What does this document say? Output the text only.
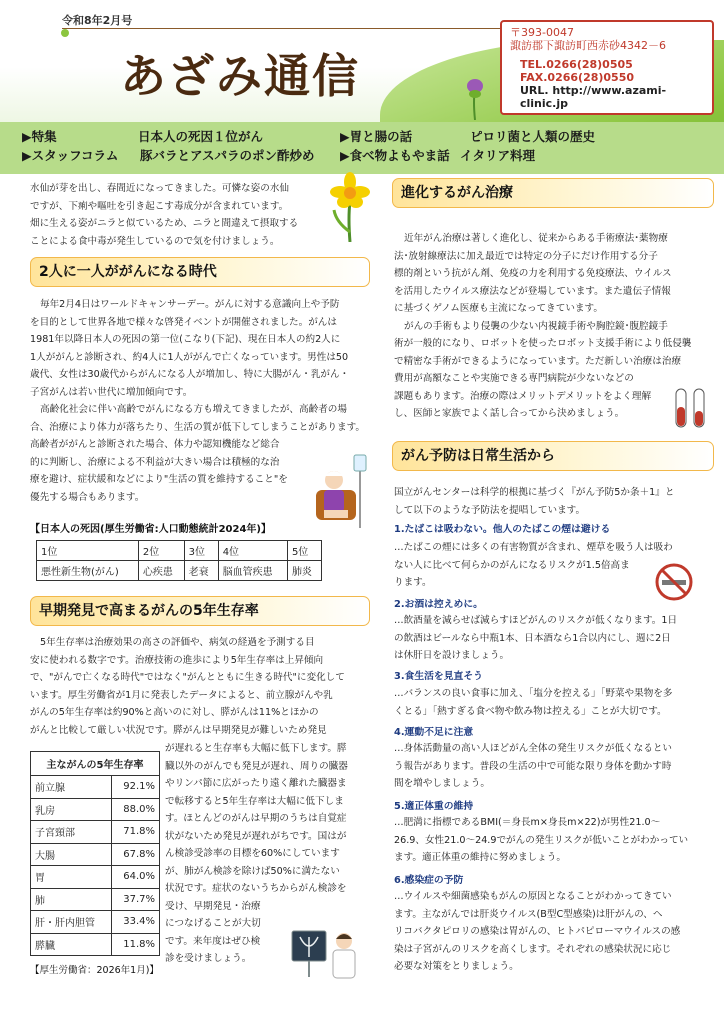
令和8年2月号
あざみ通信
〒393-0047
諏訪郡下諏訪町西赤砂4342－6
TEL.0266(28)0505
FAX.0266(28)0550
URL. http://www.azami-clinic.jp
▶特集	日本人の死因１位がん	▶胃と腸の話	ピロリ菌と人類の歴史
▶スタッフコラム 豚バラとアスパラのポン酢炒め ▶食べ物よもやま話 イタリア料理
水仙が芽を出し、春間近になってきました。可憐な姿の水仙
ですが、下痢や嘔吐を引き起こす毒成分が含まれています。
畑に生える姿がニラと似ているため、ニラと間違えて摂取する
ことによる食中毒が発生しているので気を付けましょう。
2人に一人ががんになる時代
毎年2月4日はワールドキャンサーデー。がんに対する意識向上や予防
を目的として世界各地で様々な啓発イベントが開催されました。がんは
1981年以降日本人の死因の第一位(こなり(下記)、現在日本人の約2人に
1人ががんと診断され、約4人に1人ががんで亡くなっています。男性は50
歳代、女性は30歳代からがんになる人が増加し、特に大腸がん・乳がん・
子宮がんは若い世代に増加傾向です。
高齢化社会に伴い高齢でがんになる方も増えてきましたが、高齢者の場
合、治療により体力が落ちたり、生活の質が低下してしまうことがあります。
高齢者ががんと診断された場合、体力や認知機能など総合
的に判断し、治療による不利益が大きい場合は積極的な治
療を避け、症状緩和などにより"生活の質を維持すること"を
優先する場合もあります。
【日本人の死因(厚生労働省:人口動態統計2024年)】
1位	2位	3位	4位	5位
悪性新生物(がん)	心疾患	老衰	脳血管疾患	肺炎
早期発見で高まるがんの5年生存率
5年生存率は治療効果の高さの評価や、病気の経過を予測する目
安に使われる数字です。治療技術の進歩により5年生存率は上昇傾向
で、"がんで亡くなる時代"ではなく"がんとともに生きる時代"に変化して
います。厚生労働省が1月に発表したデータによると、前立腺がんや乳
がんの5年生存率は約90%と高いのに対し、膵がんは11%とほかの
がんと比較して厳しい状況です。膵がんは早期発見が難しいため発見
が遅れると生存率も大幅に低下します。膵
臓以外のがんでも発見が遅れ、周りの臓器
やリンパ節に広がったり遠く離れた臓器ま
で転移すると5年生存率は大幅に低下しま
す。ほとんどのがんは早期のうちは自覚症
状がないため発見が遅れがちです。国はが
ん検診受診率の目標を60%にしています
が、肺がん検診を除けば50%に満たない
状況です。症状のないうちからがん検診を
受け、早期発見・治療
につなげることが大切
です。来年度はぜひ検
診を受けましょう。
主ながんの5年生存率	
前立腺	92.1%
乳房	88.0%
子宮頸部	71.8%
大腸	67.8%
胃	64.0%
肺	37.7%
肝・肝内胆管	33.4%
膵臓	11.8%
【厚生労働省：2026年1月)】
進化するがん治療
近年がん治療は著しく進化し、従来からある手術療法･薬物療
法･放射線療法に加え最近では特定の分子にだけ作用する分子
標的剤という抗がん剤、免疫の力を利用する免疫療法、ウイルス
を活用したウイルス療法などが登場しています。また遺伝子情報
に基づくゲノム医療も主流になってきています。
がんの手術もより侵襲の少ない内視鏡手術や胸腔鏡･腹腔鏡手
術が一般的になり、ロボットを使ったロボット支援手術により低侵襲
で精密な手術ができるようになっています。ただ新しい治療は治療
費用が高額なことや実施できる専門病院が少ないなどの
課題もあります。治療の際はメリットデメリットをよく理解
し、医師と家族でよく話し合ってから決めましょう。
がん予防は日常生活から
国立がんセンターは科学的根拠に基づく『がん予防5か条＋1』と
して以下のような予防法を提唱しています。
1.たばこは吸わない。他人のたばこの煙は避ける
…たばこの煙には多くの有害物質が含まれ、煙草を吸う人は吸わ
ない人に比べて何らかのがんになるリスクが1.5倍高ま
ります。
2.お酒は控えめに。
…飲酒量を減らせば減らすほどがんのリスクが低くなります。1日
の飲酒はビールなら中瓶1本、日本酒なら1合以内にし、週に2日
は休肝日を設けましょう。
3.食生活を見直そう
…バランスの良い食事に加え、「塩分を控える」「野菜や果物を多
くとる」「熱すぎる食べ物や飲み物は控える」ことが大切です。
4.運動不足に注意
…身体活動量の高い人ほどがん全体の発生リスクが低くなるとい
う報告があります。普段の生活の中で可能な限り身体を動かす時
間を増やしましょう。
5.適正体重の維持
…肥満に指標であるBMI(＝身長m×身長m×22)が男性21.0～
26.9、女性21.0～24.9でがんの発生リスクが低いことがわかってい
ます。適正体重の維持に努めましょう。
6.感染症の予防
…ウイルスや細菌感染もがんの原因となることがわかってきてい
ます。主ながんでは肝炎ウイルス(B型C型感染)は肝がんの、ヘ
リコバクタピロリの感染は胃がんの、ヒトパピローマウイルスの感
染は子宮がんのリスクを高くします。それぞれの感染状況に応じ
必要な対策をとりましょう。
